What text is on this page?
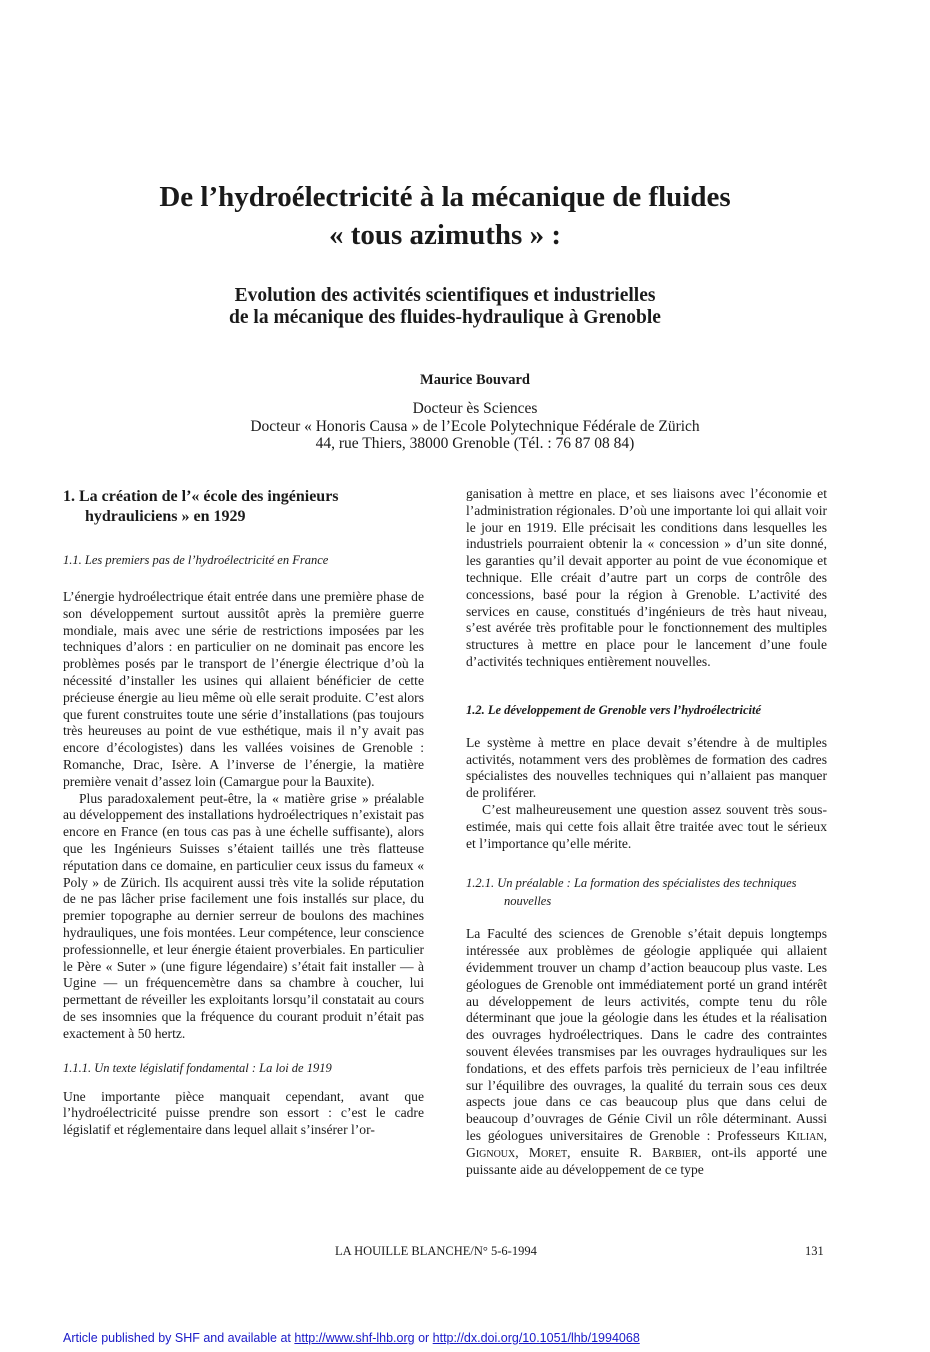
De l’hydroélectricité à la mécanique de fluides
« tous azimuths » :
Evolution des activités scientifiques et industrielles
de la mécanique des fluides-hydraulique à Grenoble
Maurice Bouvard
Docteur ès Sciences
Docteur « Honoris Causa » de l’Ecole Polytechnique Fédérale de Zürich
44, rue Thiers, 38000 Grenoble (Tél. : 76 87 08 84)
1. La création de l’« école des ingénieurs hydrauliciens » en 1929
1.1. Les premiers pas de l’hydroélectricité en France

L’énergie hydroélectrique était entrée dans une première phase de son développement surtout aussitôt après la première guerre mondiale, mais avec une série de restrictions imposées par les techniques d’alors : en particulier on ne dominait pas encore les problèmes posés par le transport de l’énergie électrique d’où la nécessité d’installer les usines qui allaient bénéficier de cette précieuse énergie au lieu même où elle serait produite. C’est alors que furent construites toute une série d’installations (pas toujours très heureuses au point de vue esthétique, mais il n’y avait pas encore d’écologistes) dans les vallées voisines de Grenoble : Romanche, Drac, Isère. A l’inverse de l’énergie, la matière première venait d’assez loin (Camargue pour la Bauxite).

Plus paradoxalement peut-être, la « matière grise » préalable au développement des installations hydroélectriques n’existait pas encore en France (en tous cas pas à une échelle suffisante), alors que les Ingénieurs Suisses s’étaient taillés une très flatteuse réputation dans ce domaine, en particulier ceux issus du fameux « Poly » de Zürich. Ils acquirent aussi très vite la solide réputation de ne pas lâcher prise facilement une fois installés sur place, du premier topographe au dernier serreur de boulons des machines hydrauliques, une fois montées. Leur compétence, leur conscience professionnelle, et leur énergie étaient proverbiales. En particulier le Père « Suter » (une figure légendaire) s’était fait installer — à Ugine — un fréquencemètre dans sa chambre à coucher, lui permettant de réveiller les exploitants lorsqu’il constatait au cours de ses insomnies que la fréquence du courant produit n’était pas exactement à 50 hertz.

1.1.1. Un texte législatif fondamental : La loi de 1919

Une importante pièce manquait cependant, avant que l’hydroélectricité puisse prendre son essort : c’est le cadre législatif et réglementaire dans lequel allait s’insérer l’or-

ganisation à mettre en place, et ses liaisons avec l’économie et l’administration régionales. D’où une importante loi qui allait voir le jour en 1919. Elle précisait les conditions dans lesquelles les industriels pourraient obtenir la « concession » d’un site donné, les garanties qu’il devait apporter au point de vue économique et technique. Elle créait d’autre part un corps de contrôle des concessions, basé pour la région à Grenoble. L’activité des services en cause, constitués d’ingénieurs de très haut niveau, s’est avérée très profitable pour le fonctionnement des multiples structures à mettre en place pour le lancement d’une foule d’activités techniques entièrement nouvelles.

1.2. Le développement de Grenoble vers l’hydroélectricité

Le système à mettre en place devait s’étendre à de multiples activités, notamment vers des problèmes de formation des cadres spécialistes des nouvelles techniques qui n’allaient pas manquer de proliférer.

C’est malheureusement une question assez souvent très sous-estimée, mais qui cette fois allait être traitée avec tout le sérieux et l’importance qu’elle mérite.

1.2.1. Un préalable : La formation des spécialistes des techniques nouvelles

La Faculté des sciences de Grenoble s’était depuis longtemps intéressée aux problèmes de géologie appliquée qui allaient évidemment trouver un champ d’action beaucoup plus vaste. Les géologues de Grenoble ont immédiatement porté un grand intérêt au développement de leurs activités, compte tenu du rôle déterminant que joue la géologie dans les études et la réalisation des ouvrages hydroélectriques. Dans le cadre des contraintes souvent élevées transmises par les ouvrages hydrauliques sur les fondations, et des effets parfois très pernicieux de l’eau infiltrée sur l’équilibre des ouvrages, la qualité du terrain sous ces deux aspects joue dans ce cas beaucoup plus que dans celui de beaucoup d’ouvrages de Génie Civil un rôle déterminant. Aussi les géologues universitaires de Grenoble : Professeurs Kilian, Gignoux, Moret, ensuite R. Barbier, ont-ils apporté une puissante aide au développement de ce type

LA HOUILLE BLANCHE/N° 5-6-1994	131
Article published by SHF and available at http://www.shf-lhb.org or http://dx.doi.org/10.1051/lhb/1994068
